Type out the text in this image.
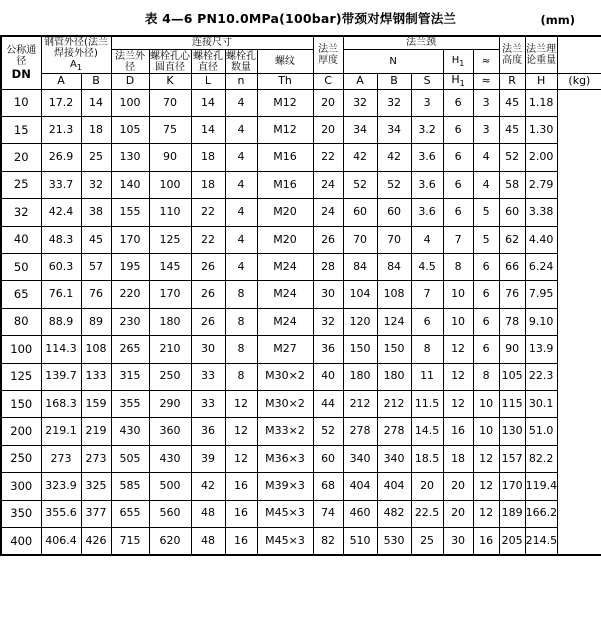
表 4—6 PN10.0MPa(100bar)带颈对焊钢制管法兰	(mm)
公称通径
DN	钢管外径(法兰焊接外径)
$A_1$		连接尺寸					法兰厚度	法兰颈					法兰高度	法兰理论重量	

			法兰外径	螺栓孔心圆直径	螺栓孔直径	螺栓孔数量	螺纹		N			$H_1$	≈			
	A	B	D	K	L	n	Th	C	A	B	S	$H_1$	≈	R	H	(kg)
10	17.2	14	100	70	14	4	M12	20	32	32	3	6	3	45	1.18	
15	21.3	18	105	75	14	4	M12	20	34	34	3.2	6	3	45	1.30	
20	26.9	25	130	90	18	4	M16	22	42	42	3.6	6	4	52	2.00	
25	33.7	32	140	100	18	4	M16	24	52	52	3.6	6	4	58	2.79	
32	42.4	38	155	110	22	4	M20	24	60	60	3.6	6	5	60	3.38	
40	48.3	45	170	125	22	4	M20	26	70	70	4	7	5	62	4.40	
50	60.3	57	195	145	26	4	M24	28	84	84	4.5	8	6	66	6.24	
65	76.1	76	220	170	26	8	M24	30	104	108	7	10	6	76	7.95	
80	88.9	89	230	180	26	8	M24	32	120	124	6	10	6	78	9.10	
100	114.3	108	265	210	30	8	M27	36	150	150	8	12	6	90	13.9	
125	139.7	133	315	250	33	8	M30×2	40	180	180	11	12	8	105	22.3	
150	168.3	159	355	290	33	12	M30×2	44	212	212	11.5	12	10	115	30.1	
200	219.1	219	430	360	36	12	M33×2	52	278	278	14.5	16	10	130	51.0	
250	273	273	505	430	39	12	M36×3	60	340	340	18.5	18	12	157	82.2	
300	323.9	325	585	500	42	16	M39×3	68	404	404	20	20	12	170	119.4	
350	355.6	377	655	560	48	16	M45×3	74	460	482	22.5	20	12	189	166.2	
400	406.4	426	715	620	48	16	M45×3	82	510	530	25	30	16	205	214.5	
